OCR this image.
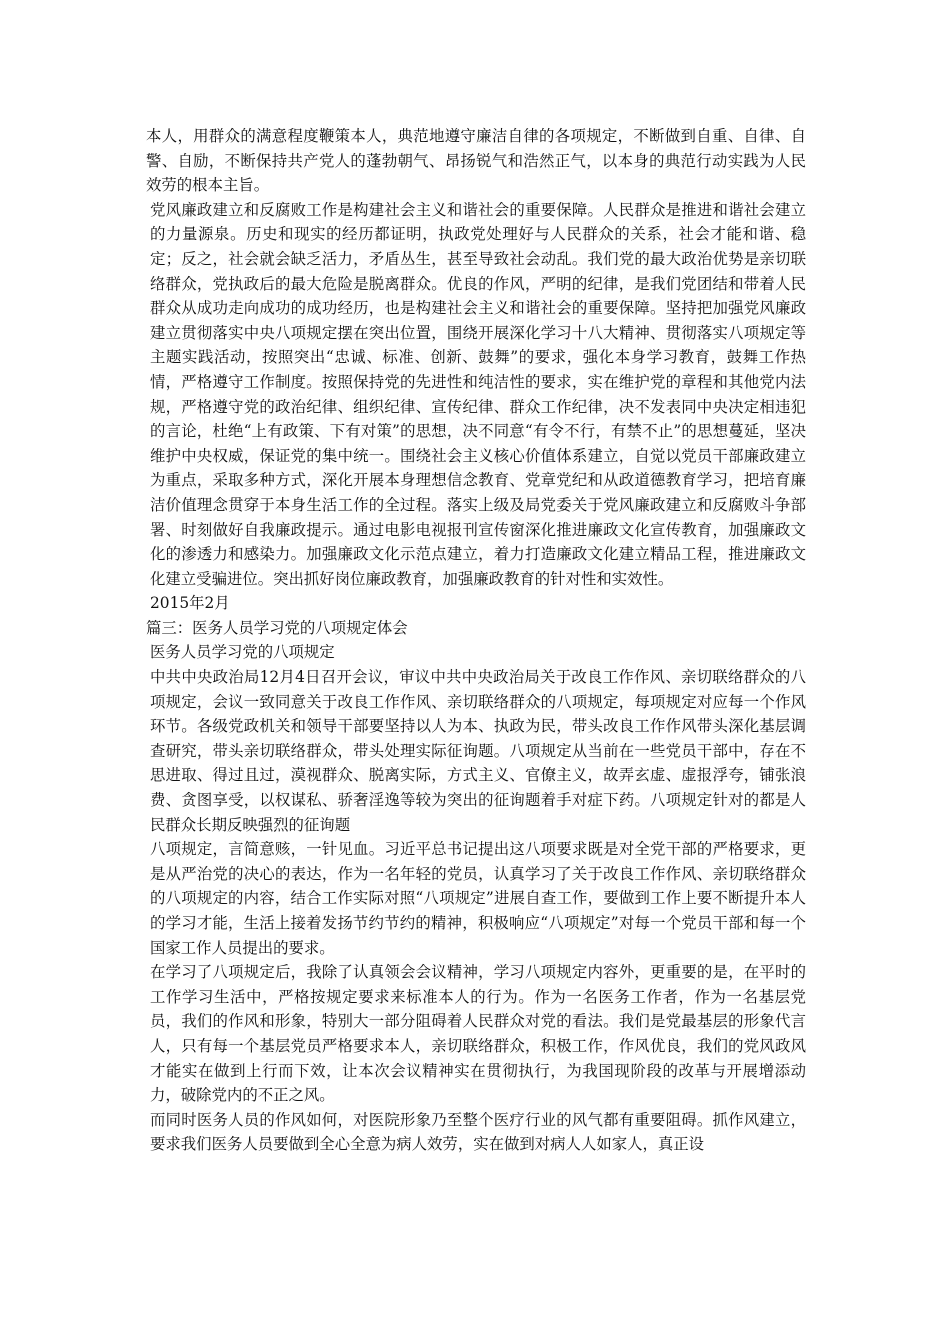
本人，用群众的满意程度鞭策本人，典范地遵守廉洁自律的各项规定，不断做到自重、自律、自警、自励，不断保持共产党人的蓬勃朝气、昂扬锐气和浩然正气，以本身的典范行动实践为人民效劳的根本主旨。

党风廉政建立和反腐败工作是构建社会主义和谐社会的重要保障。人民群众是推进和谐社会建立的力量源泉。历史和现实的经历都证明，执政党处理好与人民群众的关系，社会才能和谐、稳定；反之，社会就会缺乏活力，矛盾丛生，甚至导致社会动乱。我们党的最大政治优势是亲切联络群众，党执政后的最大危险是脱离群众。优良的作风，严明的纪律，是我们党团结和带着人民群众从成功走向成功的成功经历，也是构建社会主义和谐社会的重要保障。坚持把加强党风廉政建立贯彻落实中央八项规定摆在突出位置，围绕开展深化学习十八大精神、贯彻落实八项规定等主题实践活动，按照突出“忠诚、标准、创新、鼓舞”的要求，强化本身学习教育，鼓舞工作热情，严格遵守工作制度。按照保持党的先进性和纯洁性的要求，实在维护党的章程和其他党内法规，严格遵守党的政治纪律、组织纪律、宣传纪律、群众工作纪律，决不发表同中央决定相违犯的言论，杜绝“上有政策、下有对策”的思想，决不同意“有令不行，有禁不止”的思想蔓延，坚决维护中央权威，保证党的集中统一。围绕社会主义核心价值体系建立，自觉以党员干部廉政建立为重点，采取多种方式，深化开展本身理想信念教育、党章党纪和从政道德教育学习，把培育廉洁价值理念贯穿于本身生活工作的全过程。落实上级及局党委关于党风廉政建立和反腐败斗争部署、时刻做好自我廉政提示。通过电影电视报刊宣传窗深化推进廉政文化宣传教育，加强廉政文化的渗透力和感染力。加强廉政文化示范点建立，着力打造廉政文化建立精品工程，推进廉政文化建立受骗进位。突出抓好岗位廉政教育，加强廉政教育的针对性和实效性。

2015年2月

篇三：医务人员学习党的八项规定体会

医务人员学习党的八项规定

中共中央政治局12月4日召开会议，审议中共中央政治局关于改良工作作风、亲切联络群众的八项规定，会议一致同意关于改良工作作风、亲切联络群众的八项规定，每项规定对应每一个作风环节。各级党政机关和领导干部要坚持以人为本、执政为民，带头改良工作作风带头深化基层调查研究，带头亲切联络群众，带头处理实际征询题。八项规定从当前在一些党员干部中，存在不思进取、得过且过，漠视群众、脱离实际，方式主义、官僚主义，故弄玄虚、虚报浮夸，铺张浪费、贪图享受，以权谋私、骄奢淫逸等较为突出的征询题着手对症下药。八项规定针对的都是人民群众长期反映强烈的征询题

八项规定，言简意赅，一针见血。习近平总书记提出这八项要求既是对全党干部的严格要求，更是从严治党的决心的表达，作为一名年轻的党员，认真学习了关于改良工作作风、亲切联络群众的八项规定的内容，结合工作实际对照“八项规定”进展自查工作，要做到工作上要不断提升本人的学习才能，生活上接着发扬节约节约的精神，积极响应“八项规定”对每一个党员干部和每一个国家工作人员提出的要求。

在学习了八项规定后，我除了认真领会会议精神，学习八项规定内容外，更重要的是，在平时的工作学习生活中，严格按规定要求来标准本人的行为。作为一名医务工作者，作为一名基层党员，我们的作风和形象，特别大一部分阻碍着人民群众对党的看法。我们是党最基层的形象代言人，只有每一个基层党员严格要求本人，亲切联络群众，积极工作，作风优良，我们的党风政风才能实在做到上行而下效，让本次会议精神实在贯彻执行，为我国现阶段的改革与开展增添动力，破除党内的不正之风。

而同时医务人员的作风如何，对医院形象乃至整个医疗行业的风气都有重要阻碍。抓作风建立，要求我们医务人员要做到全心全意为病人效劳，实在做到对病人人如家人，真正设
